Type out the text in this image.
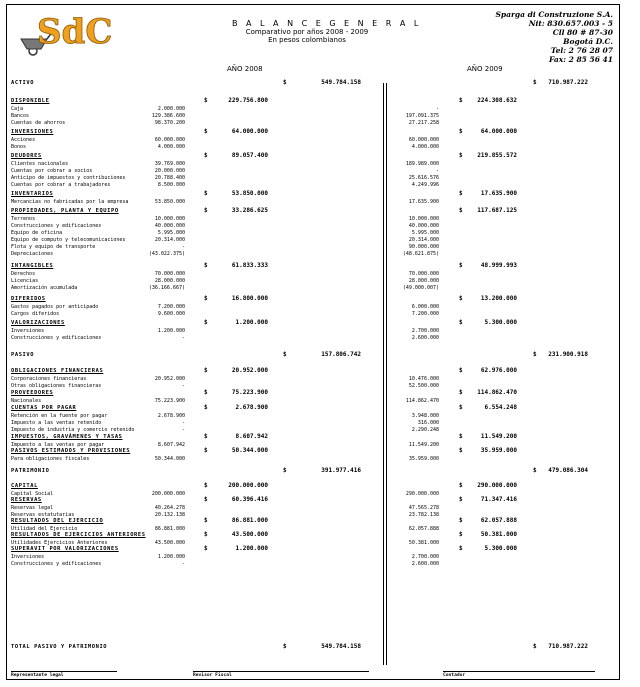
SdC	B A L A N C E G E N E R A L
Comparativo por años 2008 - 2009
En pesos colombianos
Sparga di Construzione S.A.
Nit: 830.657.003 - 5
Cll 80 # 87-30
Bogotá D.C.
Tel: 2 76 28 07
Fax: 2 85 56 41
AÑO 2008	AÑO 2009
ACTIVO	$	549.784.158	$ 710.987.222
DISPONIBLE	$	229.756.800	$ 224.308.632
Caja	2.000.000	-
Bancos	129.386.600	197.091.375
Cuentas de ahorros	98.370.200	27.217.258
INVERSIONES	$	64.000.000	$	64.000.000
Acciones	60.000.000	60.000.000
Bonos	4.000.000	4.000.000
DEUDORES	$	89.057.400	$ 219.855.572
Clientes nacionales	39.769.000	189.989.000
Cuentas por cobrar a socios	20.000.000	-
Anticipo de impuestos y contribuciones	20.788.400	25.616.576
Cuentas por cobrar a trabajadores	8.500.000	4.249.996
INVENTARIOS	$	53.850.000	$	17.635.900
Mercancias no fabricadas por la empresa	53.850.000	17.635.900
PROPIEDADES, PLANTA Y EQUIPO	$	33.286.625	$ 117.687.125
Terrenos	10.000.000	10.000.000
Construcciones y edificaciones	40.000.000	40.000.000
Equipo de oficina	5.995.000	5.995.000
Equipo de computo y telecomunicaciones	20.314.000	20.314.000
Flota y equipo de transporte	-	90.000.000
Depreciaciones	(43.022.375)	(48.621.875)
INTANGIBLES	$	61.833.333	$	48.999.993
Derechos	70.000.000	70.000.000
Licencias	28.000.000	28.000.000
Amortización acumulada	(36.166.667)	(49.000.007)
DIFERIDOS	$	16.800.000	$	13.200.000
Gastos pagados por anticipado	7.200.000	6.000.000
Cargos diferidos	9.600.000	7.200.000
VALORIZACIONES	$	1.200.000	$	5.300.000
Inversiones	1.200.000	2.700.000
Construcciones y edificaciones	-	2.600.000
PASIVO	$	157.806.742	$ 231.900.918
OBLIGACIONES FINANCIERAS	$	20.952.000	$	62.976.000
Corporaciones financieras	20.952.000	10.476.000
Otras obligaciones financieras	-	52.500.000
PROVEEDORES	$	75.223.900	$ 114.862.470
Nacionales	75.223.900	114.862.470
CUENTAS POR PAGAR	$	2.678.900	$	6.554.248
Retención en la fuente por pagar	2.678.900	3.948.000
Impuesto a las ventas retenido	-	316.000
Impuesto de industria y comercio retenido	-	2.290.248
IMPUESTOS, GRAVÁMENES Y TASAS	$	8.607.942	$	11.549.200
Impuesto a las ventas por pagar	8.607.942	11.549.200
PASIVOS ESTIMADOS Y PROVISIONES	$	50.344.000	$	35.959.000
Para obligaciones fiscales	50.344.000	35.959.000
PATRIMONIO	$	391.977.416	$ 479.086.304
CAPITAL	$	200.000.000	$ 290.000.000
Capital Social	200.000.000	290.000.000
RESERVAS	$	60.396.416	$	71.347.416
Reservas legal	40.264.278	47.565.278
Reservas estatutarias	20.132.138	23.782.138
RESULTADOS DEL EJERCICIO	$	86.881.000	$	62.057.888
Utilidad del Ejercicio	86.881.000	62.057.888
RESULTADOS DE EJERCICIOS ANTERIORES	$	43.500.000	$	50.381.000
Utilidades Ejercicios Anteriores	43.500.000	50.381.000
SUPERAVIT POR VALORIZACIONES	$	1.200.000	$	5.300.000
Inversiones	1.200.000	2.700.000
Construcciones y edificaciones	-	2.600.000
TOTAL PASIVO Y PATRIMONIO	$	549.784.158	$ 710.987.222
Representante legal	Revisor Fiscal	Contador
